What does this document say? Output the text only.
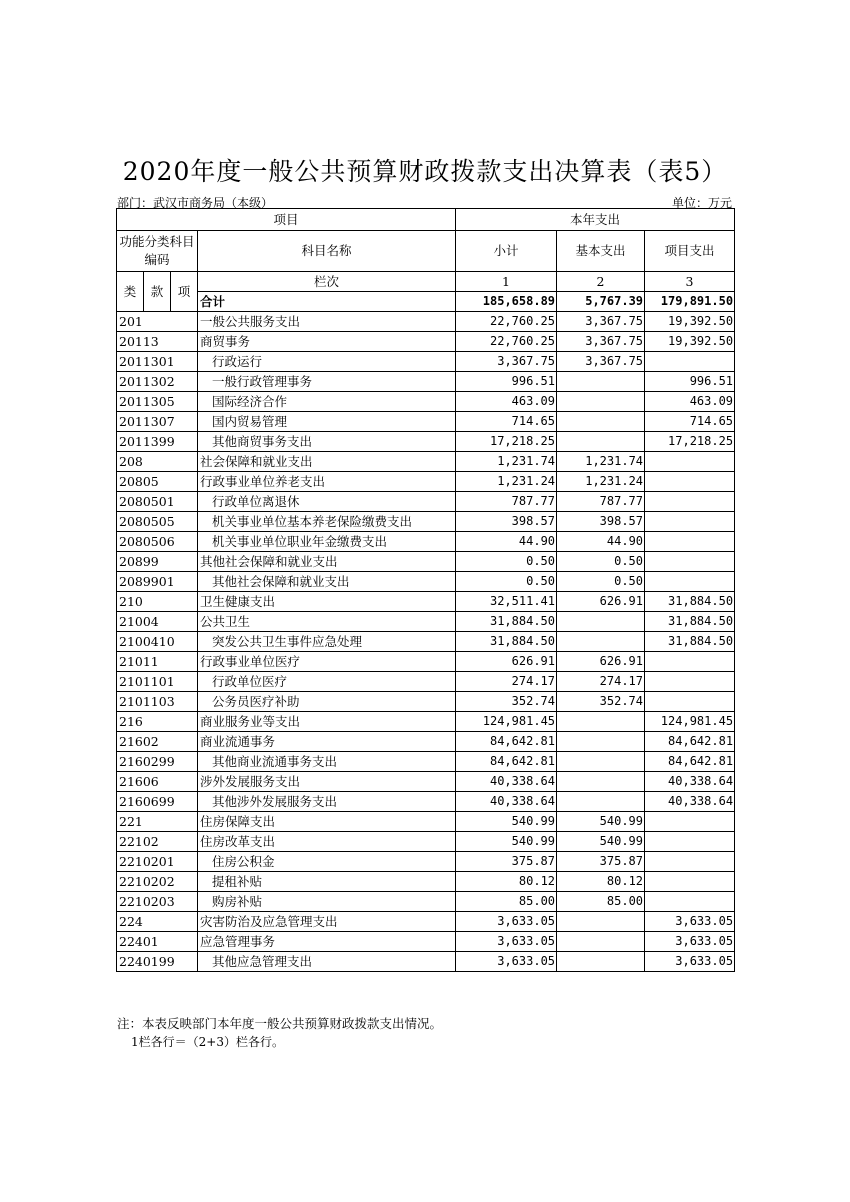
2020年度一般公共预算财政拨款支出决算表（表5）
部门：武汉市商务局（本级）	单位：万元
项目				本年支出		
功能分类科目编码			科目名称	小计	基本支出	项目支出
类	款	项				
			栏次	1	2	3
			合计	185,658.89	5,767.39	179,891.50
201			一般公共服务支出	22,760.25	3,367.75	19,392.50
20113			商贸事务	22,760.25	3,367.75	19,392.50
2011301			行政运行	3,367.75	3,367.75	
2011302			一般行政管理事务	996.51		996.51
2011305			国际经济合作	463.09		463.09
2011307			国内贸易管理	714.65		714.65
2011399			其他商贸事务支出	17,218.25		17,218.25
208			社会保障和就业支出	1,231.74	1,231.74	
20805			行政事业单位养老支出	1,231.24	1,231.24	
2080501			行政单位离退休	787.77	787.77	
2080505			机关事业单位基本养老保险缴费支出	398.57	398.57	
2080506			机关事业单位职业年金缴费支出	44.90	44.90	
20899			其他社会保障和就业支出	0.50	0.50	
2089901			其他社会保障和就业支出	0.50	0.50	
210			卫生健康支出	32,511.41	626.91	31,884.50
21004			公共卫生	31,884.50		31,884.50
2100410			突发公共卫生事件应急处理	31,884.50		31,884.50
21011			行政事业单位医疗	626.91	626.91	
2101101			行政单位医疗	274.17	274.17	
2101103			公务员医疗补助	352.74	352.74	
216			商业服务业等支出	124,981.45		124,981.45
21602			商业流通事务	84,642.81		84,642.81
2160299			其他商业流通事务支出	84,642.81		84,642.81
21606			涉外发展服务支出	40,338.64		40,338.64
2160699			其他涉外发展服务支出	40,338.64		40,338.64
221			住房保障支出	540.99	540.99	
22102			住房改革支出	540.99	540.99	
2210201			住房公积金	375.87	375.87	
2210202			提租补贴	80.12	80.12	
2210203			购房补贴	85.00	85.00	
224			灾害防治及应急管理支出	3,633.05		3,633.05
22401			应急管理事务	3,633.05		3,633.05
2240199			其他应急管理支出	3,633.05		3,633.05
注：本表反映部门本年度一般公共预算财政拨款支出情况。
1栏各行＝（2+3）栏各行。
